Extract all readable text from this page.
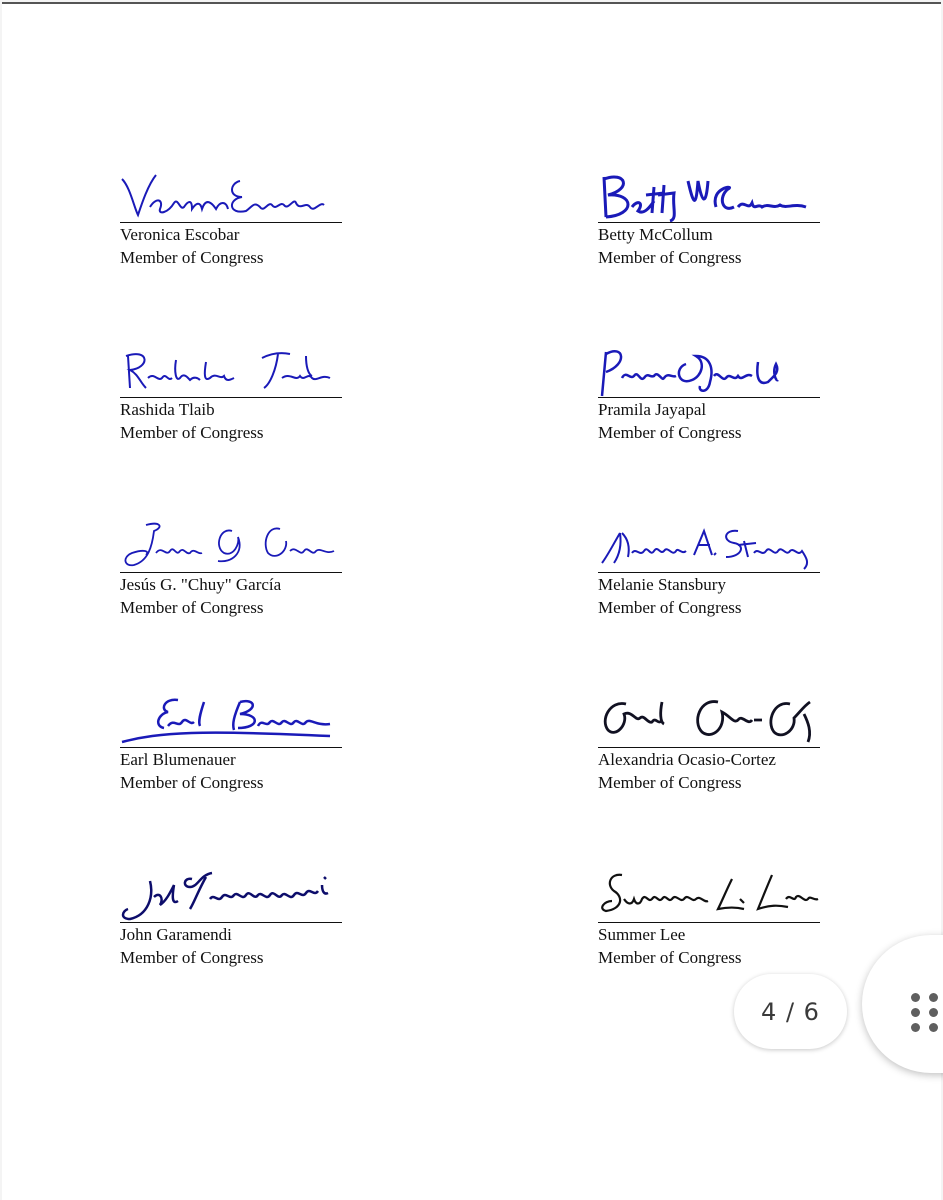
Veronica Escobar
Member of Congress
Betty McCollum
Member of Congress
Rashida Tlaib
Member of Congress
Pramila Jayapal
Member of Congress
Jesús G. "Chuy" García
Member of Congress
Melanie Stansbury
Member of Congress
Earl Blumenauer
Member of Congress
Alexandria Ocasio-Cortez
Member of Congress
John Garamendi
Member of Congress
Summer Lee
Member of Congress
4 / 6
